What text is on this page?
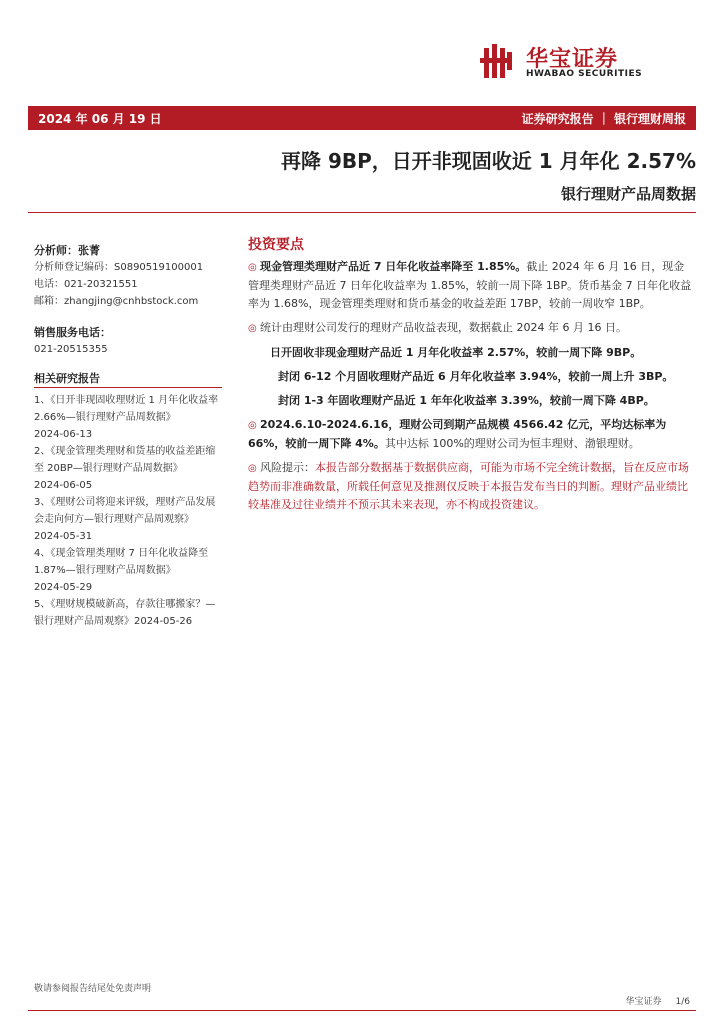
华宝证券
HWABAO SECURITIES
2024 年 06 月 19 日	证券研究报告 ｜ 银行理财周报
再降 9BP，日开非现固收近 1 月年化 2.57%
银行理财产品周数据

分析师：张菁

分析师登记编码：S0890519100001

电话：021-20321551

邮箱：zhangjing@cnhbstock.com

销售服务电话：

021-20515355

相关研究报告

1、《日开非现固收理财近 1 月年化收益率 2.66%—银行理财产品周数据》

2024-06-13

2、《现金管理类理财和货基的收益差距缩至 20BP—银行理财产品周数据》

2024-06-05

3、《理财公司将迎来评级，理财产品发展会走向何方—银行理财产品周观察》

2024-05-31

4、《现金管理类理财 7 日年化收益降至 1.87%—银行理财产品周数据》

2024-05-29

5、《理财规模破新高，存款往哪搬家？—银行理财产品周观察》2024-05-26

投资要点

◎ 现金管理类理财产品近 7 日年化收益率降至 1.85%。截止 2024 年 6 月 16 日，现金管理类理财产品近 7 日年化收益率为 1.85%，较前一周下降 1BP。货币基金 7 日年化收益率为 1.68%，现金管理类理财和货币基金的收益差距 17BP，较前一周收窄 1BP。

◎ 统计由理财公司发行的理财产品收益表现，数据截止 2024 年 6 月 16 日。

日开固收非现金理财产品近 1 月年化收益率 2.57%，较前一周下降 9BP。

封闭 6-12 个月固收理财产品近 6 月年化收益率 3.94%，较前一周上升 3BP。

封闭 1-3 年固收理财产品近 1 年年化收益率 3.39%，较前一周下降 4BP。

◎ 2024.6.10-2024.6.16，理财公司到期产品规模 4566.42 亿元，平均达标率为 66%，较前一周下降 4%。其中达标 100%的理财公司为恒丰理财、渤银理财。

◎ 风险提示：本报告部分数据基于数据供应商，可能为市场不完全统计数据，旨在反应市场趋势而非准确数量，所载任何意见及推测仅反映于本报告发布当日的判断。理财产品业绩比较基准及过往业绩并不预示其未来表现，亦不构成投资建议。

敬请参阅报告结尾处免责声明
华宝证券 1/6
